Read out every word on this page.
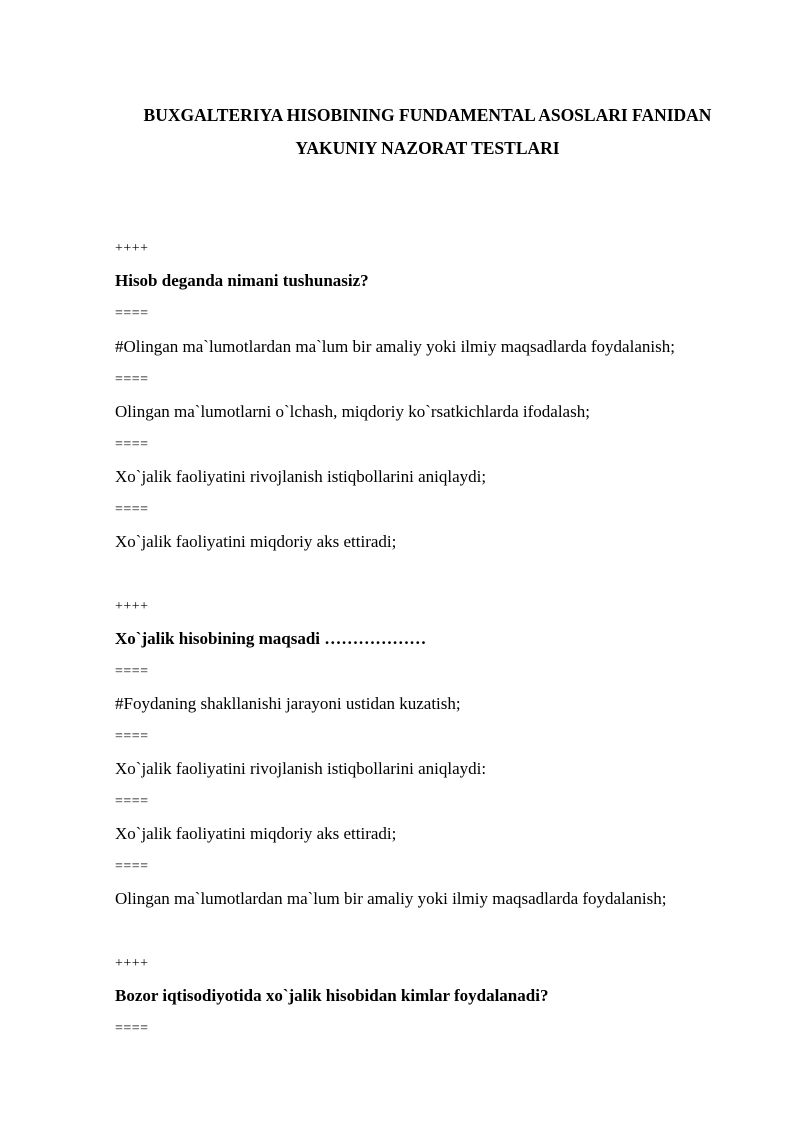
BUXGALTERIYA HISOBINING FUNDAMENTAL ASOSLARI FANIDAN
YAKUNIY NAZORAT TESTLARI
++++
Hisob deganda nimani tushunasiz?
====
#Olingan ma`lumotlardan ma`lum bir amaliy yoki ilmiy maqsadlarda foydalanish;
====
Olingan ma`lumotlarni o`lchash, miqdoriy ko`rsatkichlarda ifodalash;
====
Xo`jalik faoliyatini rivojlanish istiqbollarini aniqlaydi;
====
Xo`jalik faoliyatini miqdoriy aks ettiradi;
++++
Xo`jalik hisobining maqsadi ………………
====
#Foydaning shakllanishi jarayoni ustidan kuzatish;
====
Xo`jalik faoliyatini rivojlanish istiqbollarini aniqlaydi:
====
Xo`jalik faoliyatini miqdoriy aks ettiradi;
====
Olingan ma`lumotlardan ma`lum bir amaliy yoki ilmiy maqsadlarda foydalanish;
++++
Bozor iqtisodiyotida xo`jalik hisobidan kimlar foydalanadi?
====
